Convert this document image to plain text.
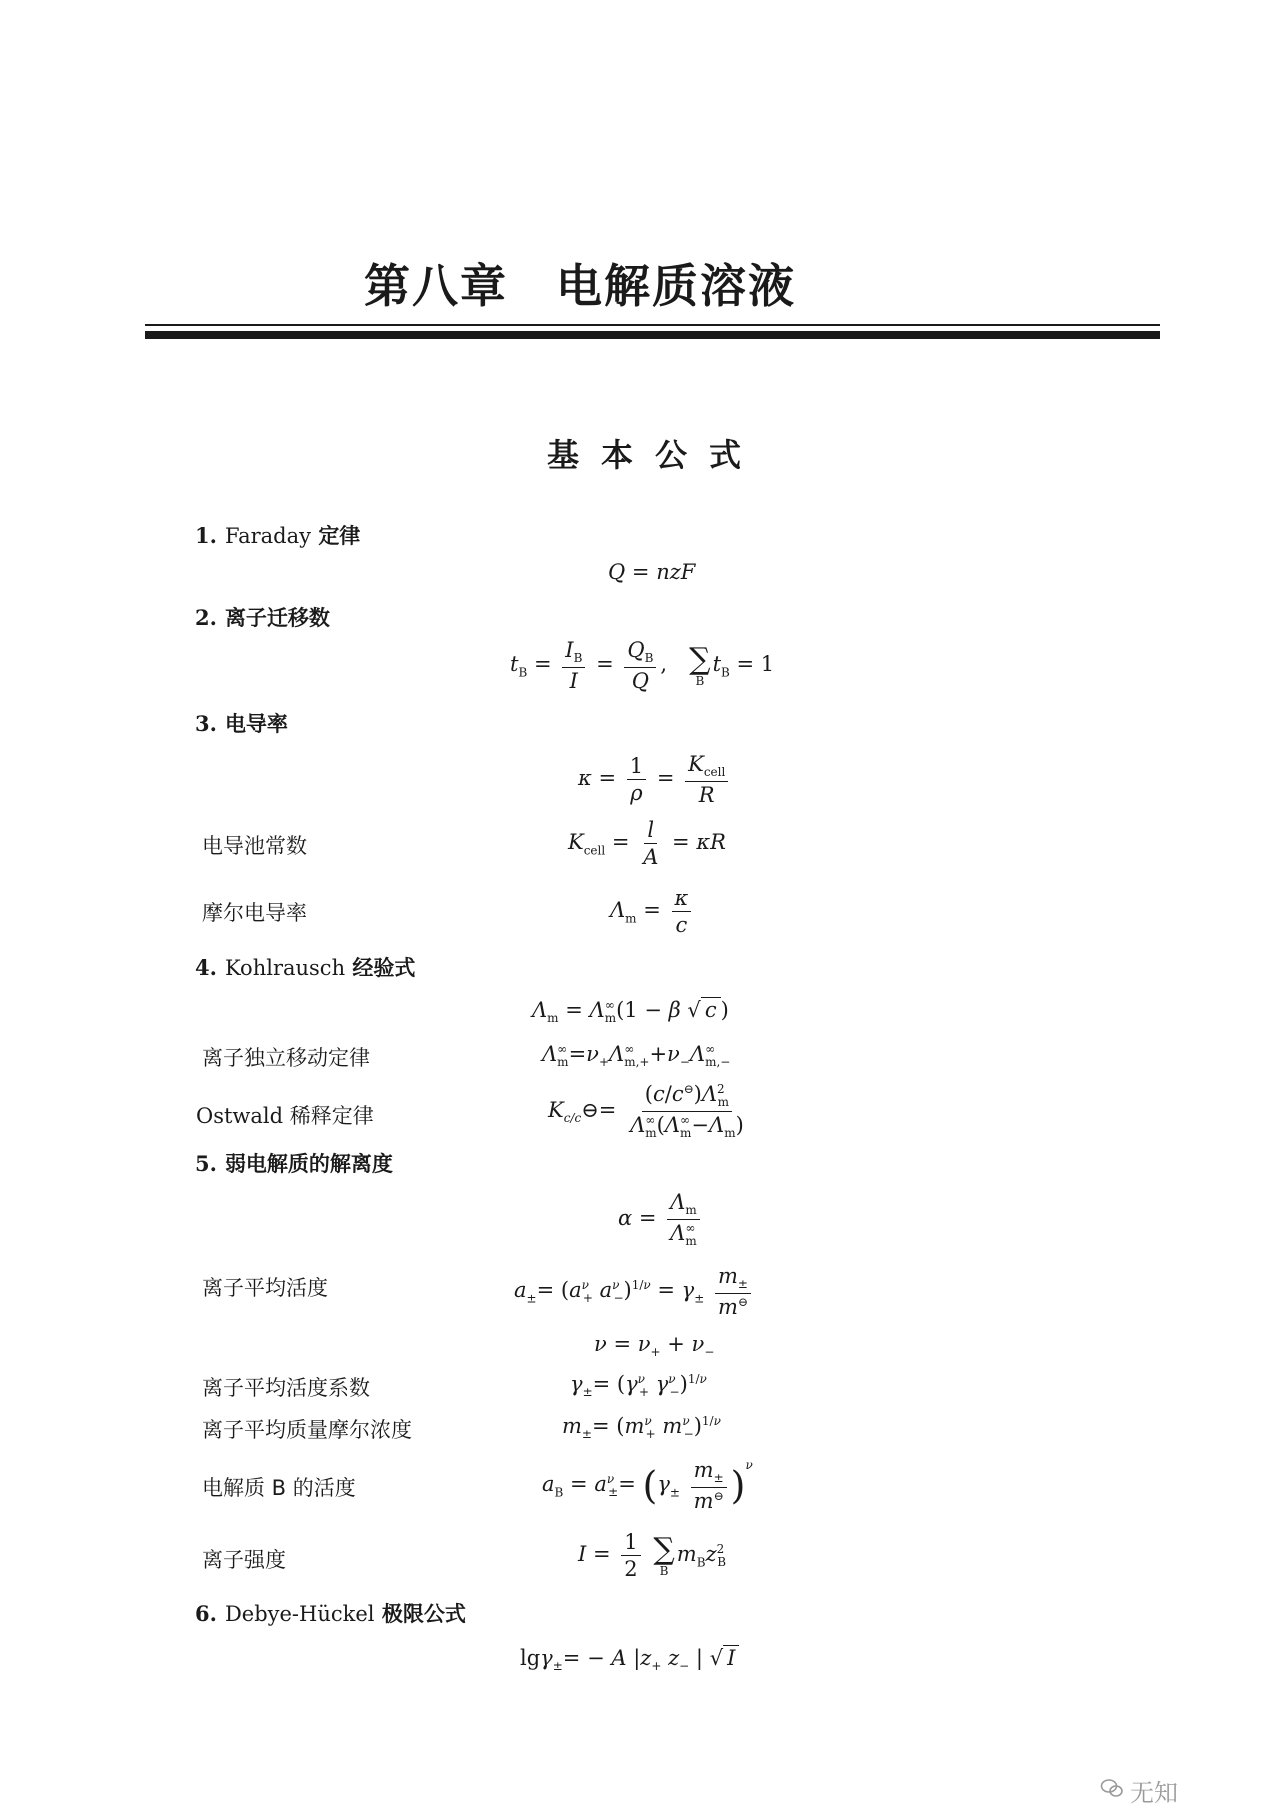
第八章 电解质溶液
基本公式
1. Faraday 定律
Q = nzF
2. 离子迁移数
$t_B = \frac{I_B}{I} = \frac{Q_B}{Q}$ , ∑
B
$t_B = 1$
3. 电导率
$\kappa = \frac{1}{\rho} = \frac{K_{cell}}{R}$
电导池常数	$K_{cell} = \frac{l}{A} = \kappa R$
摩尔电导率	$\Lambda_m = \frac{\kappa}{c}$
4. Kohlrausch 经验式
$\Lambda_m = \Lambda^\infty_m(1 - \beta$ √ c )
离子独立移动定律	$\Lambda^\infty_m=\nu_+\Lambda^\infty_{m,+}+\nu_-\Lambda^\infty_{m,-}$
Ostwald 稀释定律	$K_{c/c}⊖= \frac{(c/c^⊖)\Lambda^2_m}{\Lambda^\infty_m(\Lambda^\infty_m-\Lambda_m)}$
5. 弱电解质的解离度
$\alpha = \frac{\Lambda_m}{\Lambda^\infty_m}$
离子平均活度	$a_\pm= (a^\nu_+$ $a^\nu_-)^{1/\nu} = \gamma_\pm \frac{m_\pm}{m^⊖}$
$\nu = \nu_+ + \nu_-$
离子平均活度系数	$\gamma_\pm= (\gamma^\nu_+$ $\gamma^\nu_-)^{1/\nu}$
离子平均质量摩尔浓度	$m_\pm= (m^\nu_+$ $m^\nu_-)^{1/\nu}$
电解质 B 的活度	$a_B = a^\nu_\pm= (\gamma_\pm \frac{m_\pm}{m^⊖} )^\nu$
离子强度	$I = \frac{1}{2}$
∑
B
$m_Bz^2_B$
6. Debye-Hückel 极限公式
lgγ$_\pm$= − A $|z_+$ $z_-$ | √ I
无知
